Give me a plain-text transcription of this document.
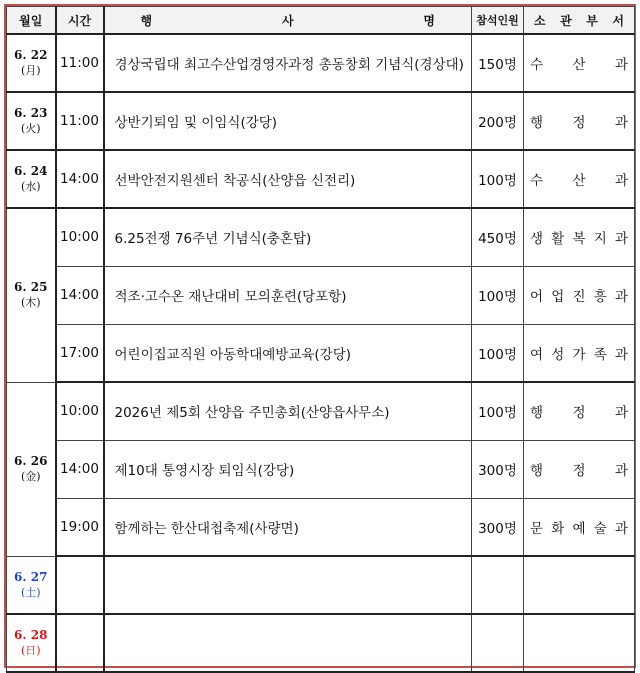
월일	시간	행 사 명	참석인원	소 관 부 서

6. 22
(月)	11:00	경상국립대 최고수산업경영자과정 총동창회 기념식(경상대)	150명	수 산 과

6. 23
(火)	11:00	상반기퇴임 및 이임식(강당)	200명	행 정 과

6. 24
(水)	14:00	선박안전지원센터 착공식(산양읍 신전리)	100명	수 산 과

6. 25
(木)	10:00	6.25전쟁 76주년 기념식(충혼탑)	450명	생 활 복 지 과

	14:00	적조·고수온 재난대비 모의훈련(당포항)	100명	어 업 진 흥 과

	17:00	어린이집교직원 아동학대예방교육(강당)	100명	여 성 가 족 과

6. 26
(金)	10:00	2026년 제5회 산양읍 주민총회(산양읍사무소)	100명	행 정 과

	14:00	제10대 통영시장 퇴임식(강당)	300명	행 정 과

	19:00	함께하는 한산대첩축제(사량면)	300명	문 화 예 술 과

6. 27
(土)				

6. 28
(日)				
